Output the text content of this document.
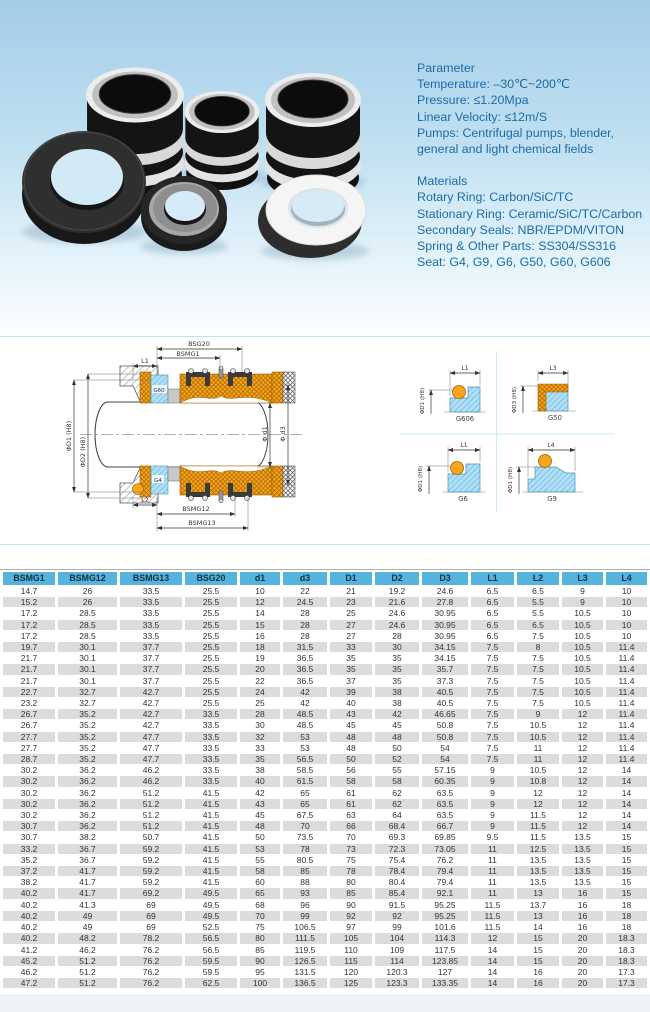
Parameter
Temperature: –30℃~200℃
Pressure: ≤1.20Mpa
Linear Velocity: ≤12m/S
Pumps: Centrifugal pumps, blender,
general and light chemical fields
Materials
Rotary Ring: Carbon/SiC/TC
Stationary Ring: Ceramic/SiC/TC/Carbon
Secondary Seals: NBR/EPDM/VITON
Spring & Other Parts: SS304/SS316
Seat: G4, G9, G6, G50, G60, G606
BSG20
BSMG1
L1
L2
BSMG12
BSMG13
ΦD1 (H8)
ΦD2 (H8)
Φ d1 Φ d3
G60
G4
L1
ΦD1 (H8)
G606
L3
ΦD3 (H8)
G50
L1
ΦD1 (H8)
G6
L4
ΦD1 (H8)
G9
BSMG1	BSMG12	BSMG13	BSG20	d1	d3	D1	D2	D3	L1	L2	L3	L4
14.7	26	33.5	25.5	10	22	21	19.2	24.6	6.5	6.5	9	10
15.2	26	33.5	25.5	12	24.5	23	21.6	27.8	6.5	5.5	9	10
17.2	28.5	33.5	25.5	14	28	25	24.6	30.95	6.5	5.5	10.5	10
17.2	28.5	33.5	25.5	15	28	27	24.6	30.95	6.5	6.5	10.5	10
17.2	28.5	33.5	25.5	16	28	27	28	30.95	6.5	7.5	10.5	10
19.7	30.1	37.7	25.5	18	31.5	33	30	34.15	7.5	8	10.5	11.4
21.7	30.1	37.7	25.5	19	36.5	35	35	34.15	7.5	7.5	10.5	11.4
21.7	30.1	37.7	25.5	20	36.5	35	35	35.7	7.5	7.5	10.5	11.4
21.7	30.1	37.7	25.5	22	36.5	37	35	37.3	7.5	7.5	10.5	11.4
22.7	32.7	42.7	25.5	24	42	39	38	40.5	7.5	7.5	10.5	11.4
23.2	32.7	42.7	25.5	25	42	40	38	40.5	7.5	7.5	10.5	11.4
26.7	35.2	42.7	33.5	28	48.5	43	42	46.65	7.5	9	12	11.4
26.7	35.2	42.7	33.5	30	48.5	45	45	50.8	7.5	10.5	12	11.4
27.7	35.2	47.7	33.5	32	53	48	48	50.8	7.5	10.5	12	11.4
27.7	35.2	47.7	33.5	33	53	48	50	54	7.5	11	12	11.4
28.7	35.2	47.7	33.5	35	56.5	50	52	54	7.5	11	12	11.4
30.2	36.2	46.2	33.5	38	58.5	56	55	57.15	9	10.5	12	14
30.2	36.2	46.2	33.5	40	61.5	58	58	60.35	9	10.8	12	14
30.2	36.2	51.2	41.5	42	65	61	62	63.5	9	12	12	14
30.2	36.2	51.2	41.5	43	65	61	62	63.5	9	12	12	14
30.2	36.2	51.2	41.5	45	67.5	63	64	63.5	9	11.5	12	14
30.7	36.2	51.2	41.5	48	70	66	68.4	66.7	9	11.5	12	14
30.7	38.2	50.7	41.5	50	73.5	70	69.3	69.85	9.5	11.5	13.5	15
33.2	36.7	59.2	41.5	53	78	73	72.3	73.05	11	12.5	13.5	15
35.2	36.7	59.2	41.5	55	80.5	75	75.4	76.2	11	13.5	13.5	15
37.2	41.7	59.2	41.5	58	85	78	78.4	79.4	11	13.5	13.5	15
38.2	41.7	59.2	41.5	60	88	80	80.4	79.4	11	13.5	13.5	15
40.2	41.7	69.2	49.5	65	93	85	85.4	92.1	11	13	16	15
40.2	41.3	69	49.5	68	96	90	91.5	95.25	11.5	13.7	16	18
40.2	49	69	49.5	70	99	92	92	95.25	11.5	13	16	18
40.2	49	69	52.5	75	106.5	97	99	101.6	11.5	14	16	18
40.2	48.2	78.2	56.5	80	111.5	105	104	114.3	12	15	20	18.3
41.2	46.2	76.2	56.5	85	119.5	110	109	117.5	14	15	20	18.3
45.2	51.2	76.2	59.5	90	126.5	115	114	123.85	14	15	20	18.3
46.2	51.2	76.2	59.5	95	131.5	120	120.3	127	14	16	20	17.3
47.2	51.2	76.2	62.5	100	136.5	125	123.3	133.35	14	16	20	17.3
